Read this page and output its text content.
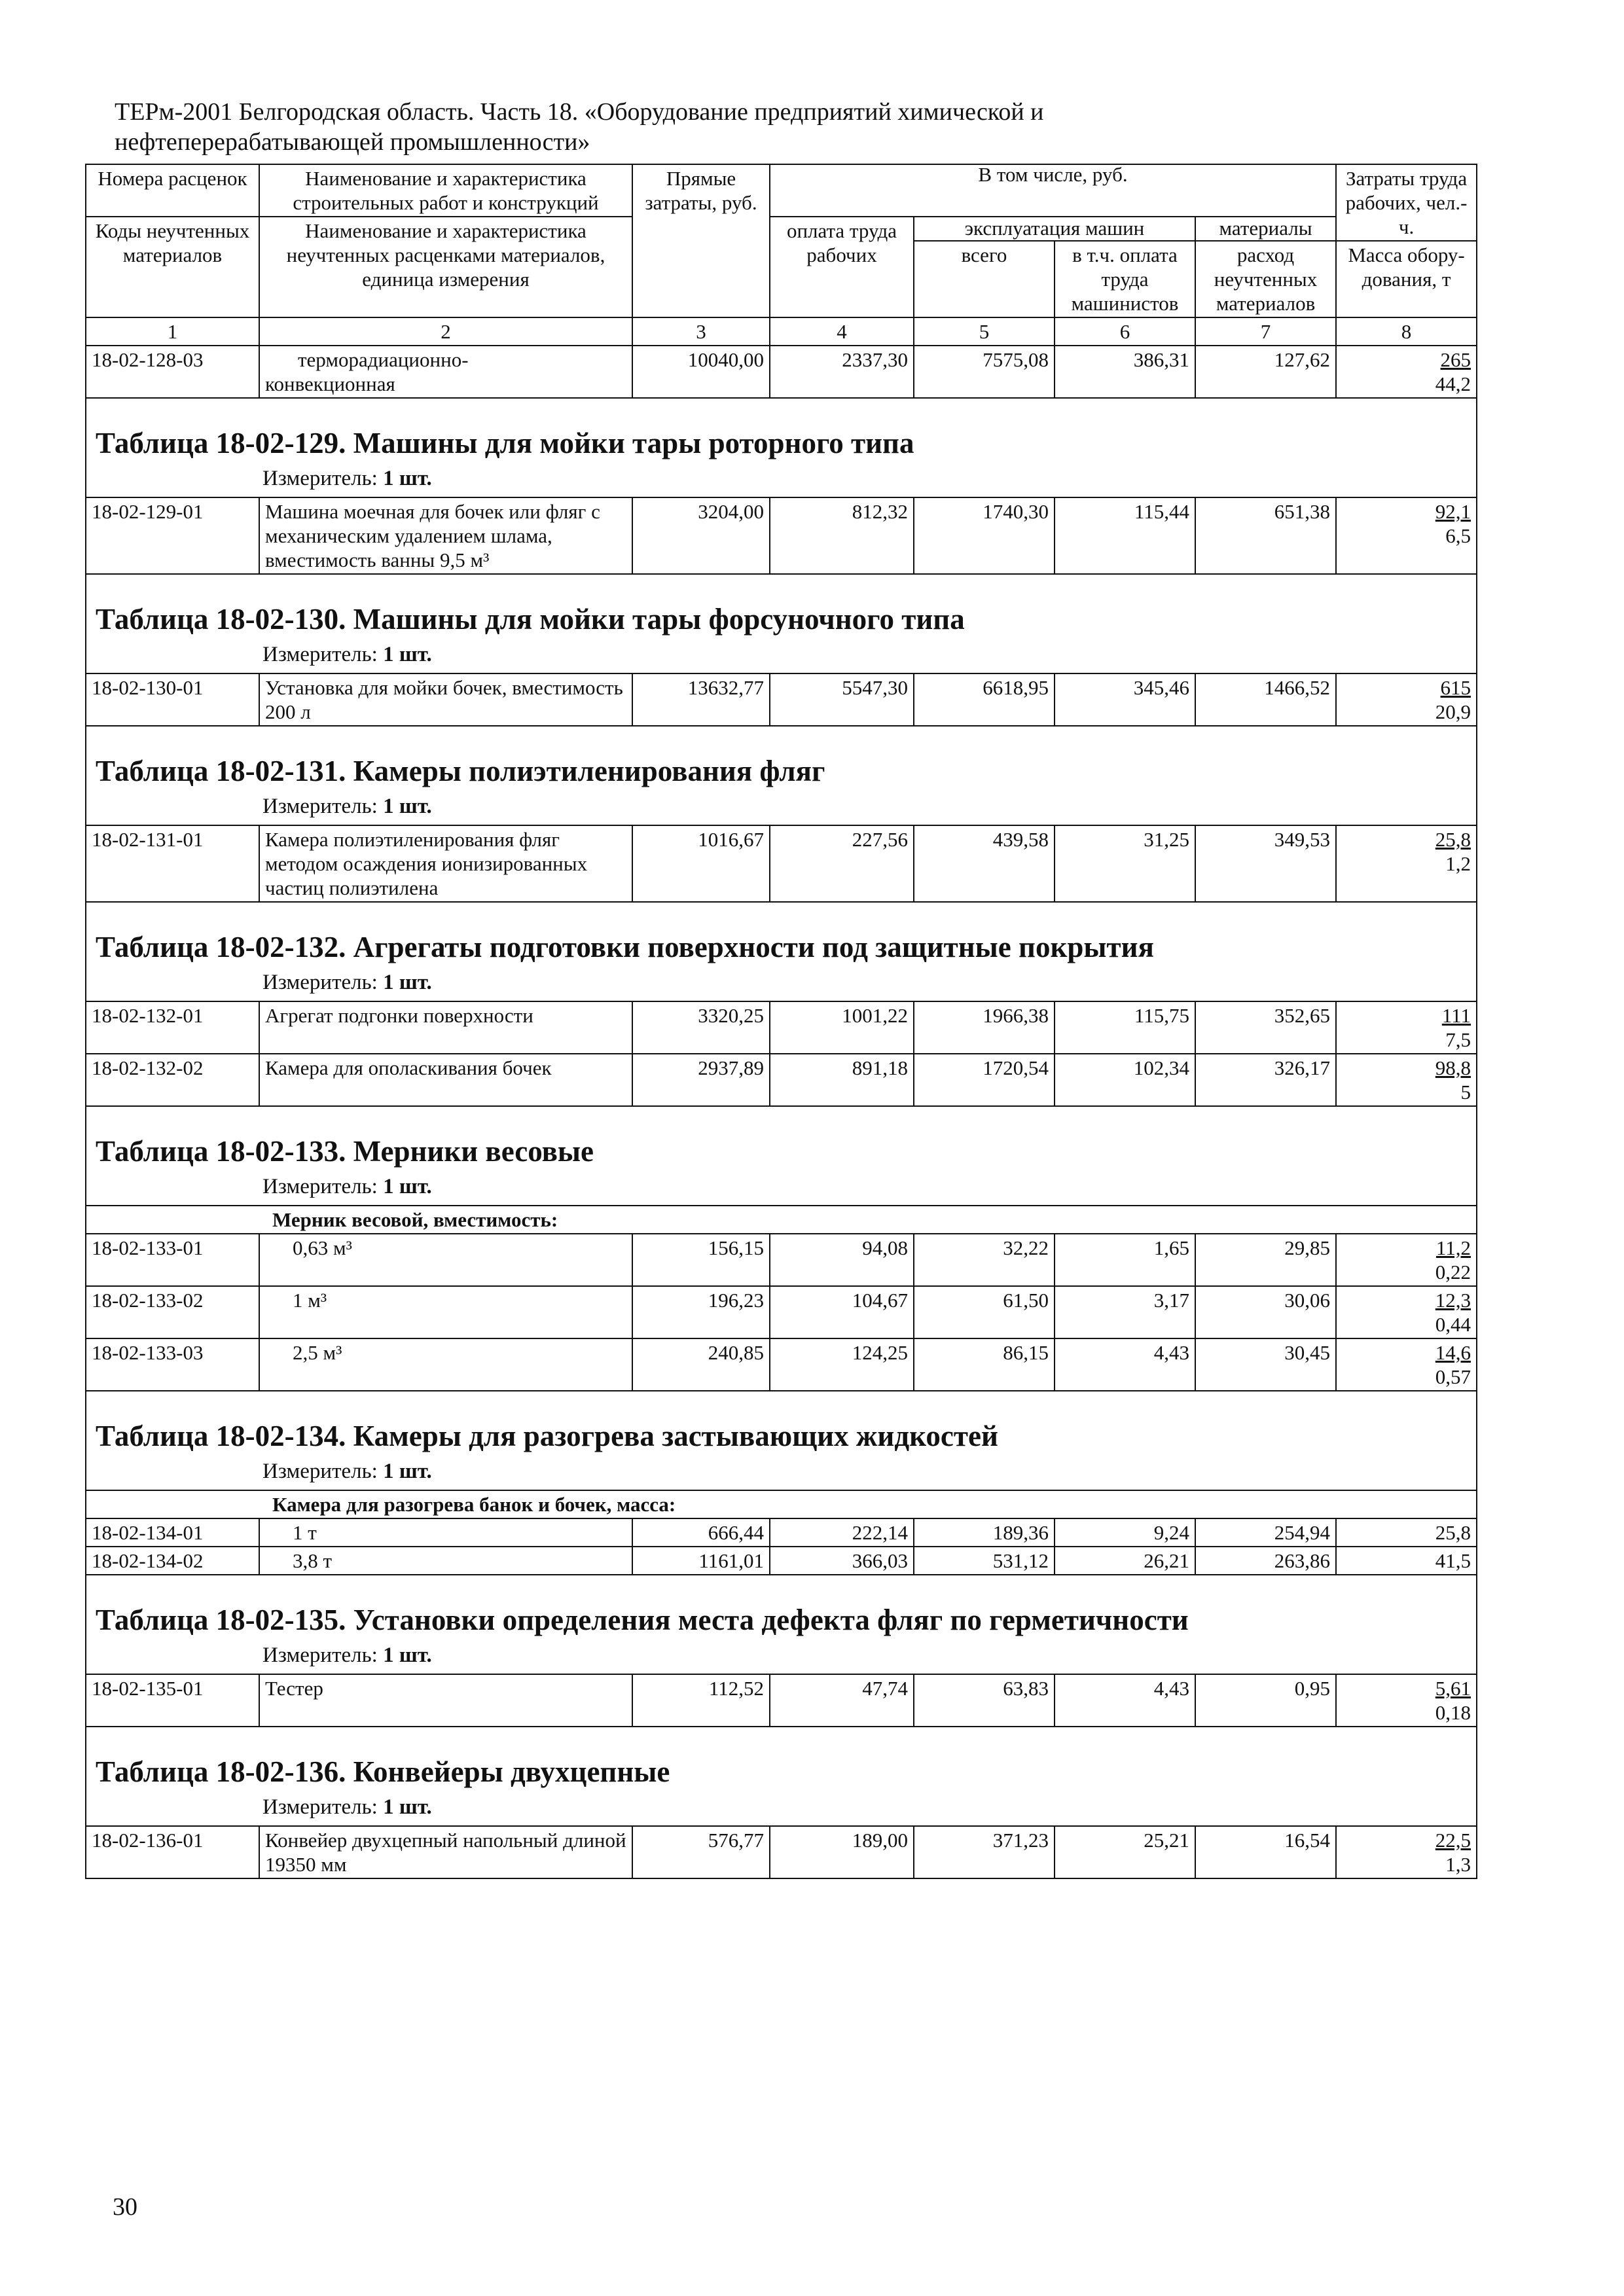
ТЕРм-2001 Белгородская область. Часть 18. «Оборудование предприятий химической и
нефтеперерабатывающей промышленности»
Номера расценок	Наименование и характеристика строительных работ и конструкций	Прямые затраты, руб.	В том числе, руб.				Затраты труда рабочих, чел.-ч.
Коды неучтенных материалов	Наименование и характеристика неучтенных расценками материалов, единица измерения		оплата труда рабочих	эксплуатация машин		материалы	
				всего	в т.ч. оплата труда машинистов	расход неучтенных материалов	Масса обору-дования, т
1	2	3	4	5	6	7	8
18-02-128-03	терморадиационно-
конвекционная	10040,00	2337,30	7575,08	386,31	127,62	265
44,2

Таблица 18-02-129. Машины для мойки тары роторного типа
Измеритель: 1 шт.							

18-02-129-01	Машина моечная для бочек или фляг с механическим удалением шлама, вместимость ванны 9,5 м³	3204,00	812,32	1740,30	115,44	651,38	92,1
6,5

Таблица 18-02-130. Машины для мойки тары форсуночного типа
Измеритель: 1 шт.							

18-02-130-01	Установка для мойки бочек, вместимость 200 л	13632,77	5547,30	6618,95	345,46	1466,52	615
20,9

Таблица 18-02-131. Камеры полиэтиленирования фляг
Измеритель: 1 шт.							

18-02-131-01	Камера полиэтиленирования фляг методом осаждения ионизированных частиц полиэтилена	1016,67	227,56	439,58	31,25	349,53	25,8
1,2

Таблица 18-02-132. Агрегаты подготовки поверхности под защитные покрытия
Измеритель: 1 шт.							

18-02-132-01	Агрегат подгонки поверхности	3320,25	1001,22	1966,38	115,75	352,65	111
7,5
18-02-132-02	Камера для ополаскивания бочек	2937,89	891,18	1720,54	102,34	326,17	98,8
5

Таблица 18-02-133. Мерники весовые
Измеритель: 1 шт.							

	Мерник весовой, вместимость:						
18-02-133-01	0,63 м³	156,15	94,08	32,22	1,65	29,85	11,2
0,22
18-02-133-02	1 м³	196,23	104,67	61,50	3,17	30,06	12,3
0,44
18-02-133-03	2,5 м³	240,85	124,25	86,15	4,43	30,45	14,6
0,57

Таблица 18-02-134. Камеры для разогрева застывающих жидкостей
Измеритель: 1 шт.							

	Камера для разогрева банок и бочек, масса:						
18-02-134-01	1 т	666,44	222,14	189,36	9,24	254,94	25,8
18-02-134-02	3,8 т	1161,01	366,03	531,12	26,21	263,86	41,5

Таблица 18-02-135. Установки определения места дефекта фляг по герметичности
Измеритель: 1 шт.							

18-02-135-01	Тестер	112,52	47,74	63,83	4,43	0,95	5,61
0,18

Таблица 18-02-136. Конвейеры двухцепные
Измеритель: 1 шт.							

18-02-136-01	Конвейер двухцепный напольный длиной 19350 мм	576,77	189,00	371,23	25,21	16,54	22,5
1,3
30
